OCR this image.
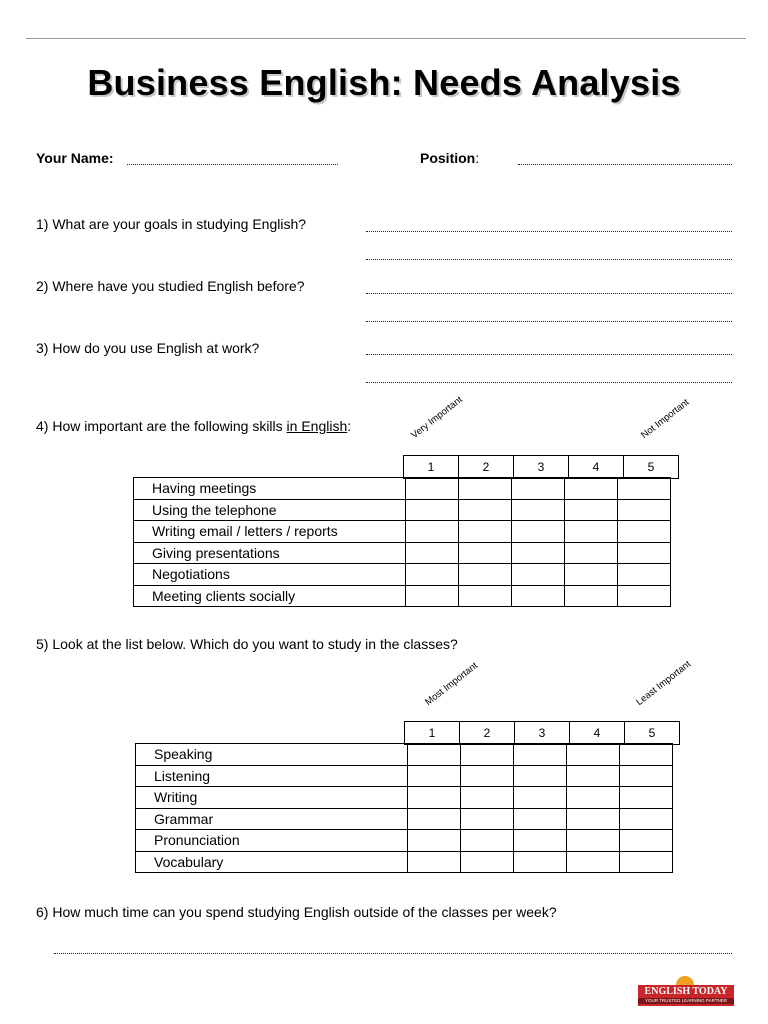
Business English: Needs Analysis
Your Name:	Position:
1) What are your goals in studying English?
2) Where have you studied English before?
3) How do you use English at work?
4) How important are the following skills in English:	Very Important	Not Important
1	2	3	4	5
Having meetings					
Using the telephone					
Writing email / letters / reports					
Giving presentations					
Negotiations					
Meeting clients socially					
5) Look at the list below. Which do you want to study in the classes?
Most Important	Least Important
1	2	3	4	5
Speaking					
Listening					
Writing					
Grammar					
Pronunciation					
Vocabulary					
6) How much time can you spend studying English outside of the classes per week?
ENGLISH TODAY
YOUR TRUSTED LEARNING PARTNER
